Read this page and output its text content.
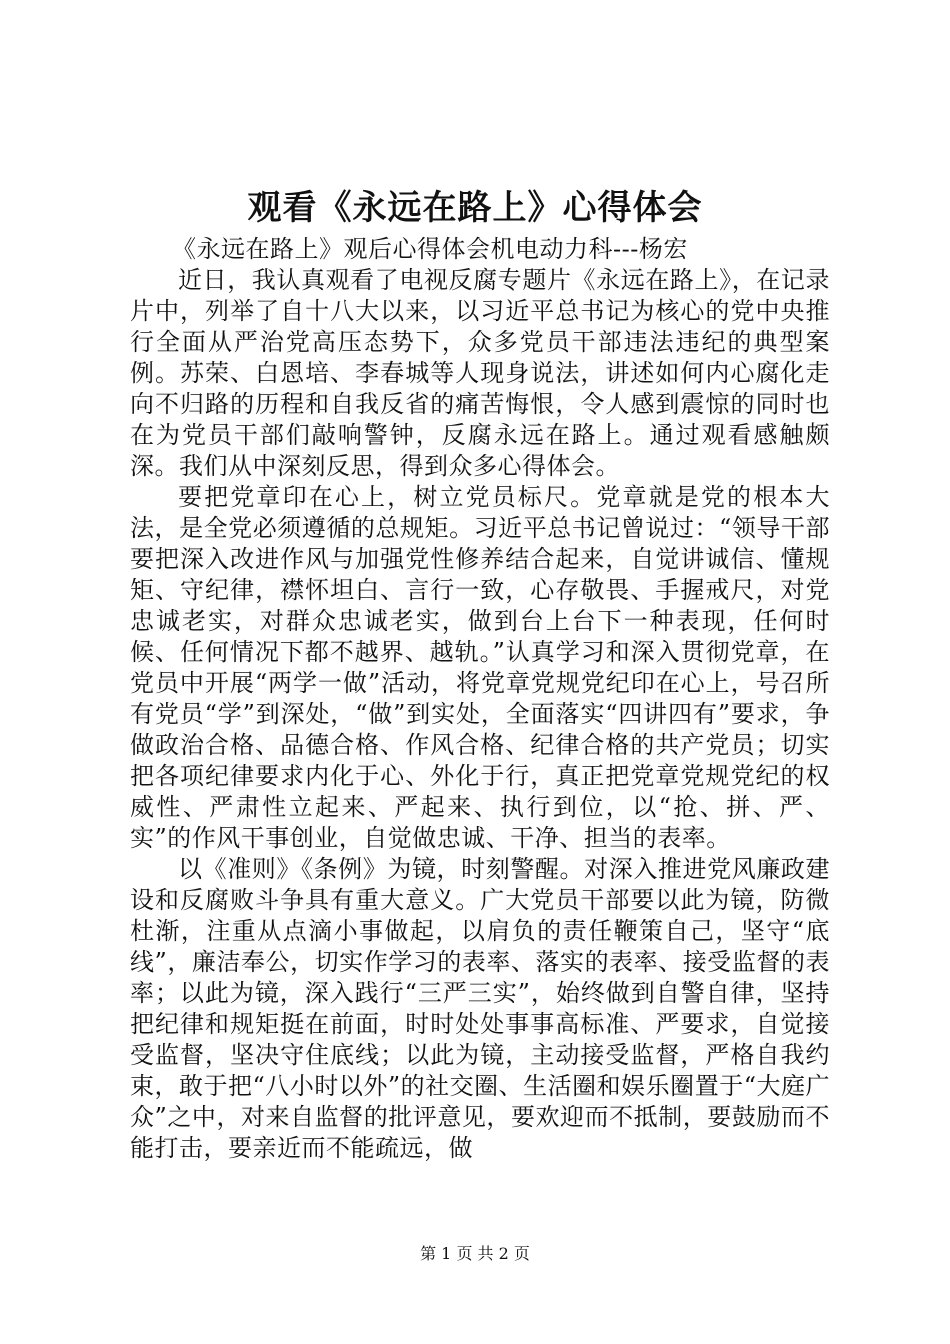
观看《永远在路上》心得体会

《永远在路上》观后心得体会机电动力科---杨宏

近日，我认真观看了电视反腐专题片《永远在路上》，在记录片中，列举了自十八大以来，以习近平总书记为核心的党中央推行全面从严治党高压态势下，众多党员干部违法违纪的典型案例。苏荣、白恩培、李春城等人现身说法，讲述如何内心腐化走向不归路的历程和自我反省的痛苦悔恨，令人感到震惊的同时也在为党员干部们敲响警钟，反腐永远在路上。通过观看感触颇深。我们从中深刻反思，得到众多心得体会。

要把党章印在心上，树立党员标尺。党章就是党的根本大法，是全党必须遵循的总规矩。习近平总书记曾说过：“领导干部要把深入改进作风与加强党性修养结合起来，自觉讲诚信、懂规矩、守纪律，襟怀坦白、言行一致，心存敬畏、手握戒尺，对党忠诚老实，对群众忠诚老实，做到台上台下一种表现，任何时候、任何情况下都不越界、越轨。”认真学习和深入贯彻党章，在党员中开展“两学一做”活动，将党章党规党纪印在心上，号召所有党员“学”到深处，“做”到实处，全面落实“四讲四有”要求，争做政治合格、品德合格、作风合格、纪律合格的共产党员；切实把各项纪律要求内化于心、外化于行，真正把党章党规党纪的权威性、严肃性立起来、严起来、执行到位，以“抢、拼、严、实”的作风干事创业，自觉做忠诚、干净、担当的表率。

以《准则》《条例》为镜，时刻警醒。对深入推进党风廉政建设和反腐败斗争具有重大意义。广大党员干部要以此为镜，防微杜渐，注重从点滴小事做起，以肩负的责任鞭策自己，坚守“底线”，廉洁奉公，切实作学习的表率、落实的表率、接受监督的表率；以此为镜，深入践行“三严三实”，始终做到自警自律，坚持把纪律和规矩挺在前面，时时处处事事高标准、严要求，自觉接受监督，坚决守住底线；以此为镜，主动接受监督，严格自我约束，敢于把“八小时以外”的社交圈、生活圈和娱乐圈置于“大庭广众”之中，对来自监督的批评意见，要欢迎而不抵制，要鼓励而不能打击，要亲近而不能疏远，做

第 1 页 共 2 页
